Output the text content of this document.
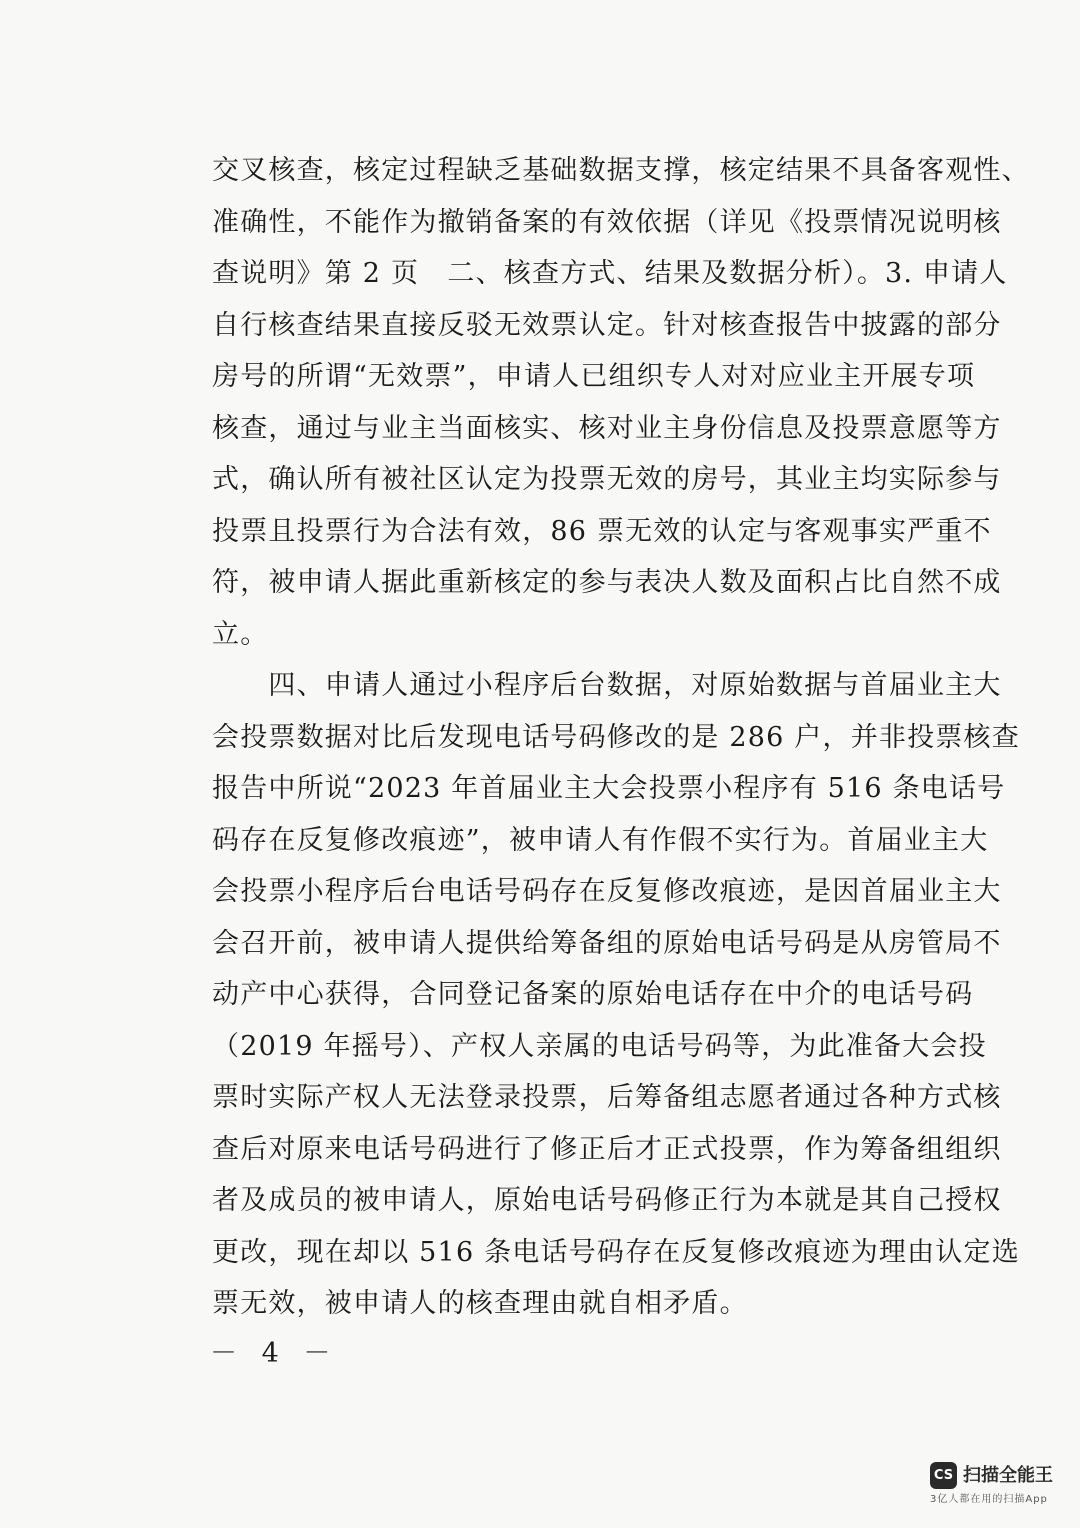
交叉核查，核定过程缺乏基础数据支撑，核定结果不具备客观性、
准确性，不能作为撤销备案的有效依据（详见《投票情况说明核
查说明》第 2 页　二、核查方式、结果及数据分析）。3. 申请人
自行核查结果直接反驳无效票认定。针对核查报告中披露的部分
房号的所谓“无效票”，申请人已组织专人对对应业主开展专项
核查，通过与业主当面核实、核对业主身份信息及投票意愿等方
式，确认所有被社区认定为投票无效的房号，其业主均实际参与
投票且投票行为合法有效，86 票无效的认定与客观事实严重不
符，被申请人据此重新核定的参与表决人数及面积占比自然不成
立。
　　四、申请人通过小程序后台数据，对原始数据与首届业主大
会投票数据对比后发现电话号码修改的是 286 户，并非投票核查
报告中所说“2023 年首届业主大会投票小程序有 516 条电话号
码存在反复修改痕迹”，被申请人有作假不实行为。首届业主大
会投票小程序后台电话号码存在反复修改痕迹，是因首届业主大
会召开前，被申请人提供给筹备组的原始电话号码是从房管局不
动产中心获得，合同登记备案的原始电话存在中介的电话号码
（2019 年摇号）、产权人亲属的电话号码等，为此准备大会投
票时实际产权人无法登录投票，后筹备组志愿者通过各种方式核
查后对原来电话号码进行了修正后才正式投票，作为筹备组组织
者及成员的被申请人，原始电话号码修正行为本就是其自己授权
更改，现在却以 516 条电话号码存在反复修改痕迹为理由认定选
票无效，被申请人的核查理由就自相矛盾。
－ 4 －
CS 扫描全能王
3亿人都在用的扫描App
